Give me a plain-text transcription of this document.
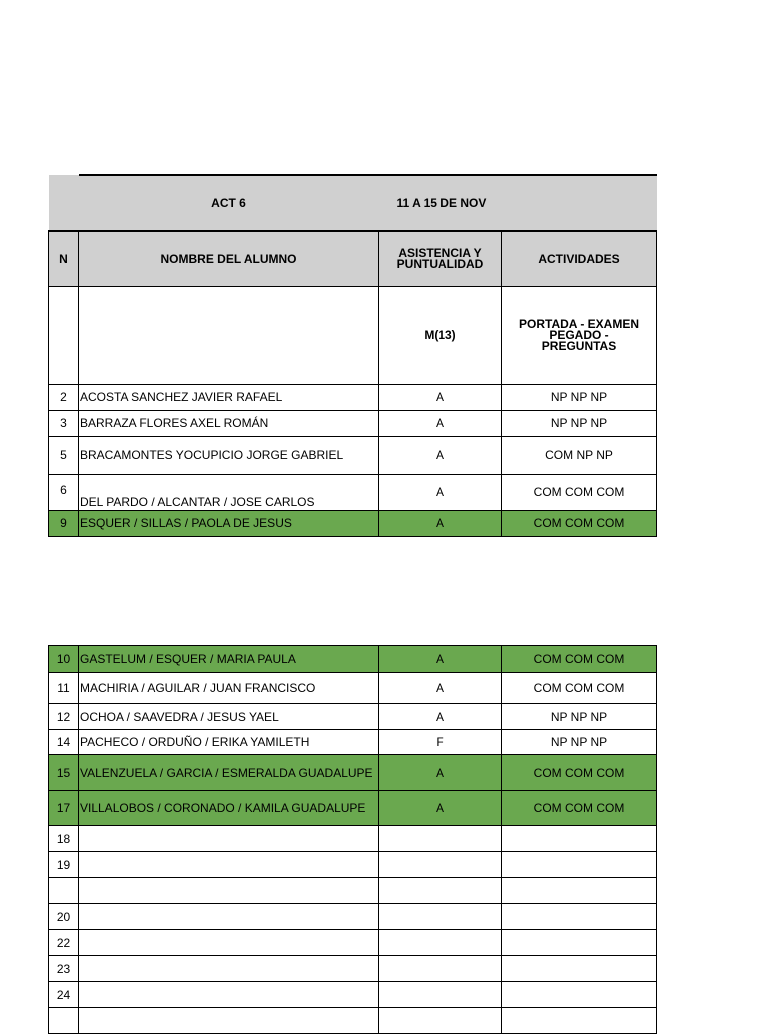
	ACT 6	11 A 15 DE NOV	
N	NOMBRE DEL ALUMNO	ASISTENCIA Y PUNTUALIDAD	ACTIVIDADES
		M(13)	PORTADA - EXAMEN PEGADO - PREGUNTAS
2	ACOSTA SANCHEZ JAVIER RAFAEL	A	NP NP NP
3	BARRAZA FLORES AXEL ROMÁN	A	NP NP NP
5	BRACAMONTES YOCUPICIO JORGE GABRIEL	A	COM NP NP
6	DEL PARDO / ALCANTAR / JOSE CARLOS	A	COM COM COM
9	ESQUER / SILLAS / PAOLA DE JESUS	A	COM COM COM
10	GASTELUM / ESQUER / MARIA PAULA	A	COM COM COM
11	MACHIRIA / AGUILAR / JUAN FRANCISCO	A	COM COM COM
12	OCHOA / SAAVEDRA / JESUS YAEL	A	NP NP NP
14	PACHECO / ORDUÑO / ERIKA YAMILETH	F	NP NP NP
15	VALENZUELA / GARCIA / ESMERALDA GUADALUPE	A	COM COM COM
17	VILLALOBOS / CORONADO / KAMILA GUADALUPE	A	COM COM COM
18			
19			

20			
22			
23			
24			
